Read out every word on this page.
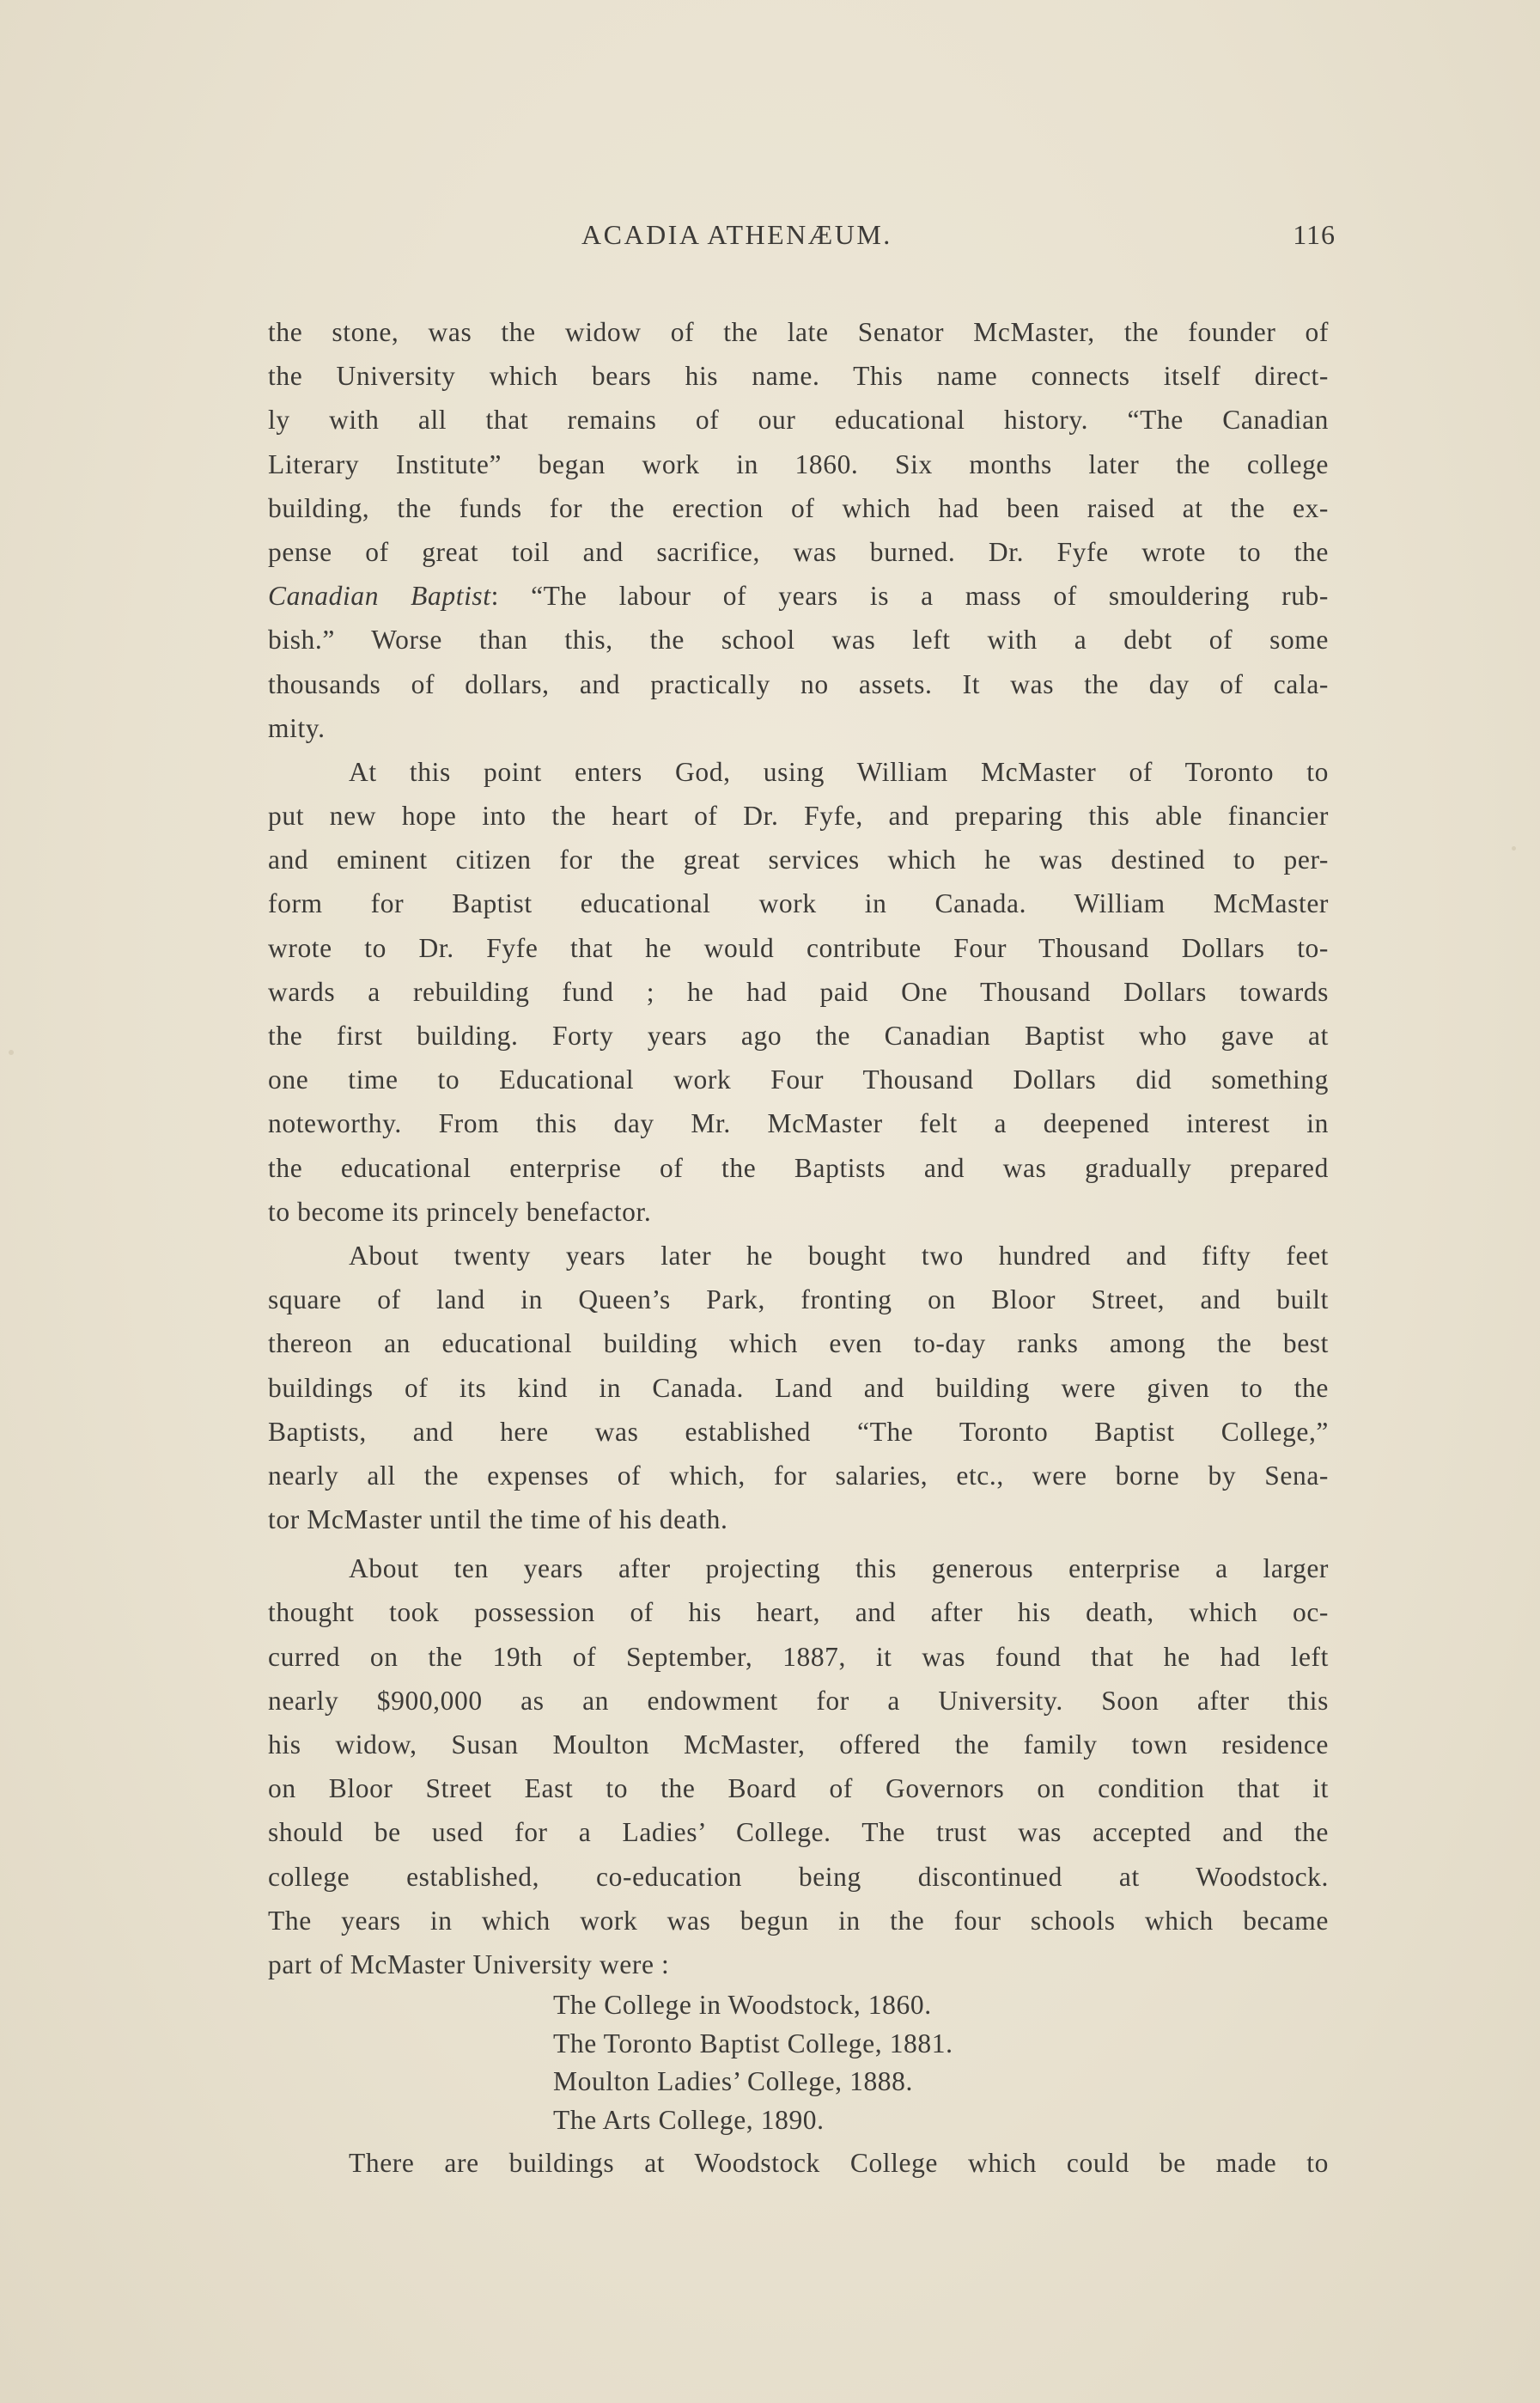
ACADIA ATHENÆUM.	116
the stone, was the widow of the late Senator McMaster, the founder of
the University which bears his name. This name connects itself direct-
ly with all that remains of our educational history. “The Canadian
Literary Institute” began work in 1860. Six months later the college
building, the funds for the erection of which had been raised at the ex-
pense of great toil and sacrifice, was burned. Dr. Fyfe wrote to the
Canadian Baptist: “The labour of years is a mass of smouldering rub-
bish.” Worse than this, the school was left with a debt of some
thousands of dollars, and practically no assets. It was the day of cala-
mity.
At this point enters God, using William McMaster of Toronto to
put new hope into the heart of Dr. Fyfe, and preparing this able financier
and eminent citizen for the great services which he was destined to per-
form for Baptist educational work in Canada. William McMaster
wrote to Dr. Fyfe that he would contribute Four Thousand Dollars to-
wards a rebuilding fund ; he had paid One Thousand Dollars towards
the first building. Forty years ago the Canadian Baptist who gave at
one time to Educational work Four Thousand Dollars did something
noteworthy. From this day Mr. McMaster felt a deepened interest in
the educational enterprise of the Baptists and was gradually prepared
to become its princely benefactor.
About twenty years later he bought two hundred and fifty feet
square of land in Queen’s Park, fronting on Bloor Street, and built
thereon an educational building which even to-day ranks among the best
buildings of its kind in Canada. Land and building were given to the
Baptists, and here was established “The Toronto Baptist College,”
nearly all the expenses of which, for salaries, etc., were borne by Sena-
tor McMaster until the time of his death.
About ten years after projecting this generous enterprise a larger
thought took possession of his heart, and after his death, which oc-
curred on the 19th of September, 1887, it was found that he had left
nearly $900,000 as an endowment for a University. Soon after this
his widow, Susan Moulton McMaster, offered the family town residence
on Bloor Street East to the Board of Governors on condition that it
should be used for a Ladies’ College. The trust was accepted and the
college established, co-education being discontinued at Woodstock.
The years in which work was begun in the four schools which became
part of McMaster University were :
The College in Woodstock, 1860.
The Toronto Baptist College, 1881.
Moulton Ladies’ College, 1888.
The Arts College, 1890.
There are buildings at Woodstock College which could be made to
